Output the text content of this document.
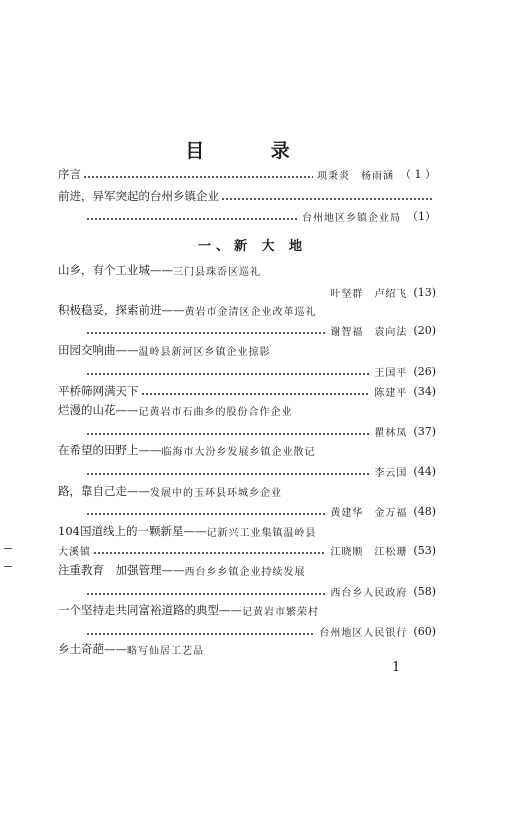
目 录
序言	项秉炎　杨雨涵 （ 1 ）
前进，异军突起的台州乡镇企业
台州地区乡镇企业局 （1）
一、新 大 地
山乡，有个工业城—— 三门县珠岙区巡礼
叶坚群　卢绍飞 (13)
积极稳妥，探索前进—— 黄岩市金清区企业改革巡礼
谢智福　袁向法 (20)
田园交响曲—— 温岭县新河区乡镇企业掠影
王国平 (26)
平桥筛网满天下	陈建平 (34)
烂漫的山花—— 记黄岩市石曲乡的股份合作企业
瞿林凤 (37)
在希望的田野上—— 临海市大汾乡发展乡镇企业散记
李云国 (44)
路，靠自己走—— 发展中的玉环县环城乡企业
黄建华　金万福 (48)
104国道线上的一颗新星—— 记新兴工业集镇温岭县
大溪镇	江晓顺　江松珊 (53)
注重教育　加强管理—— 西台乡乡镇企业持续发展
西台乡人民政府 (58)
一个坚持走共同富裕道路的典型—— 记黄岩市繁荣村
台州地区人民银行 (60)
乡土奇葩—— 略写仙居工艺品
1
